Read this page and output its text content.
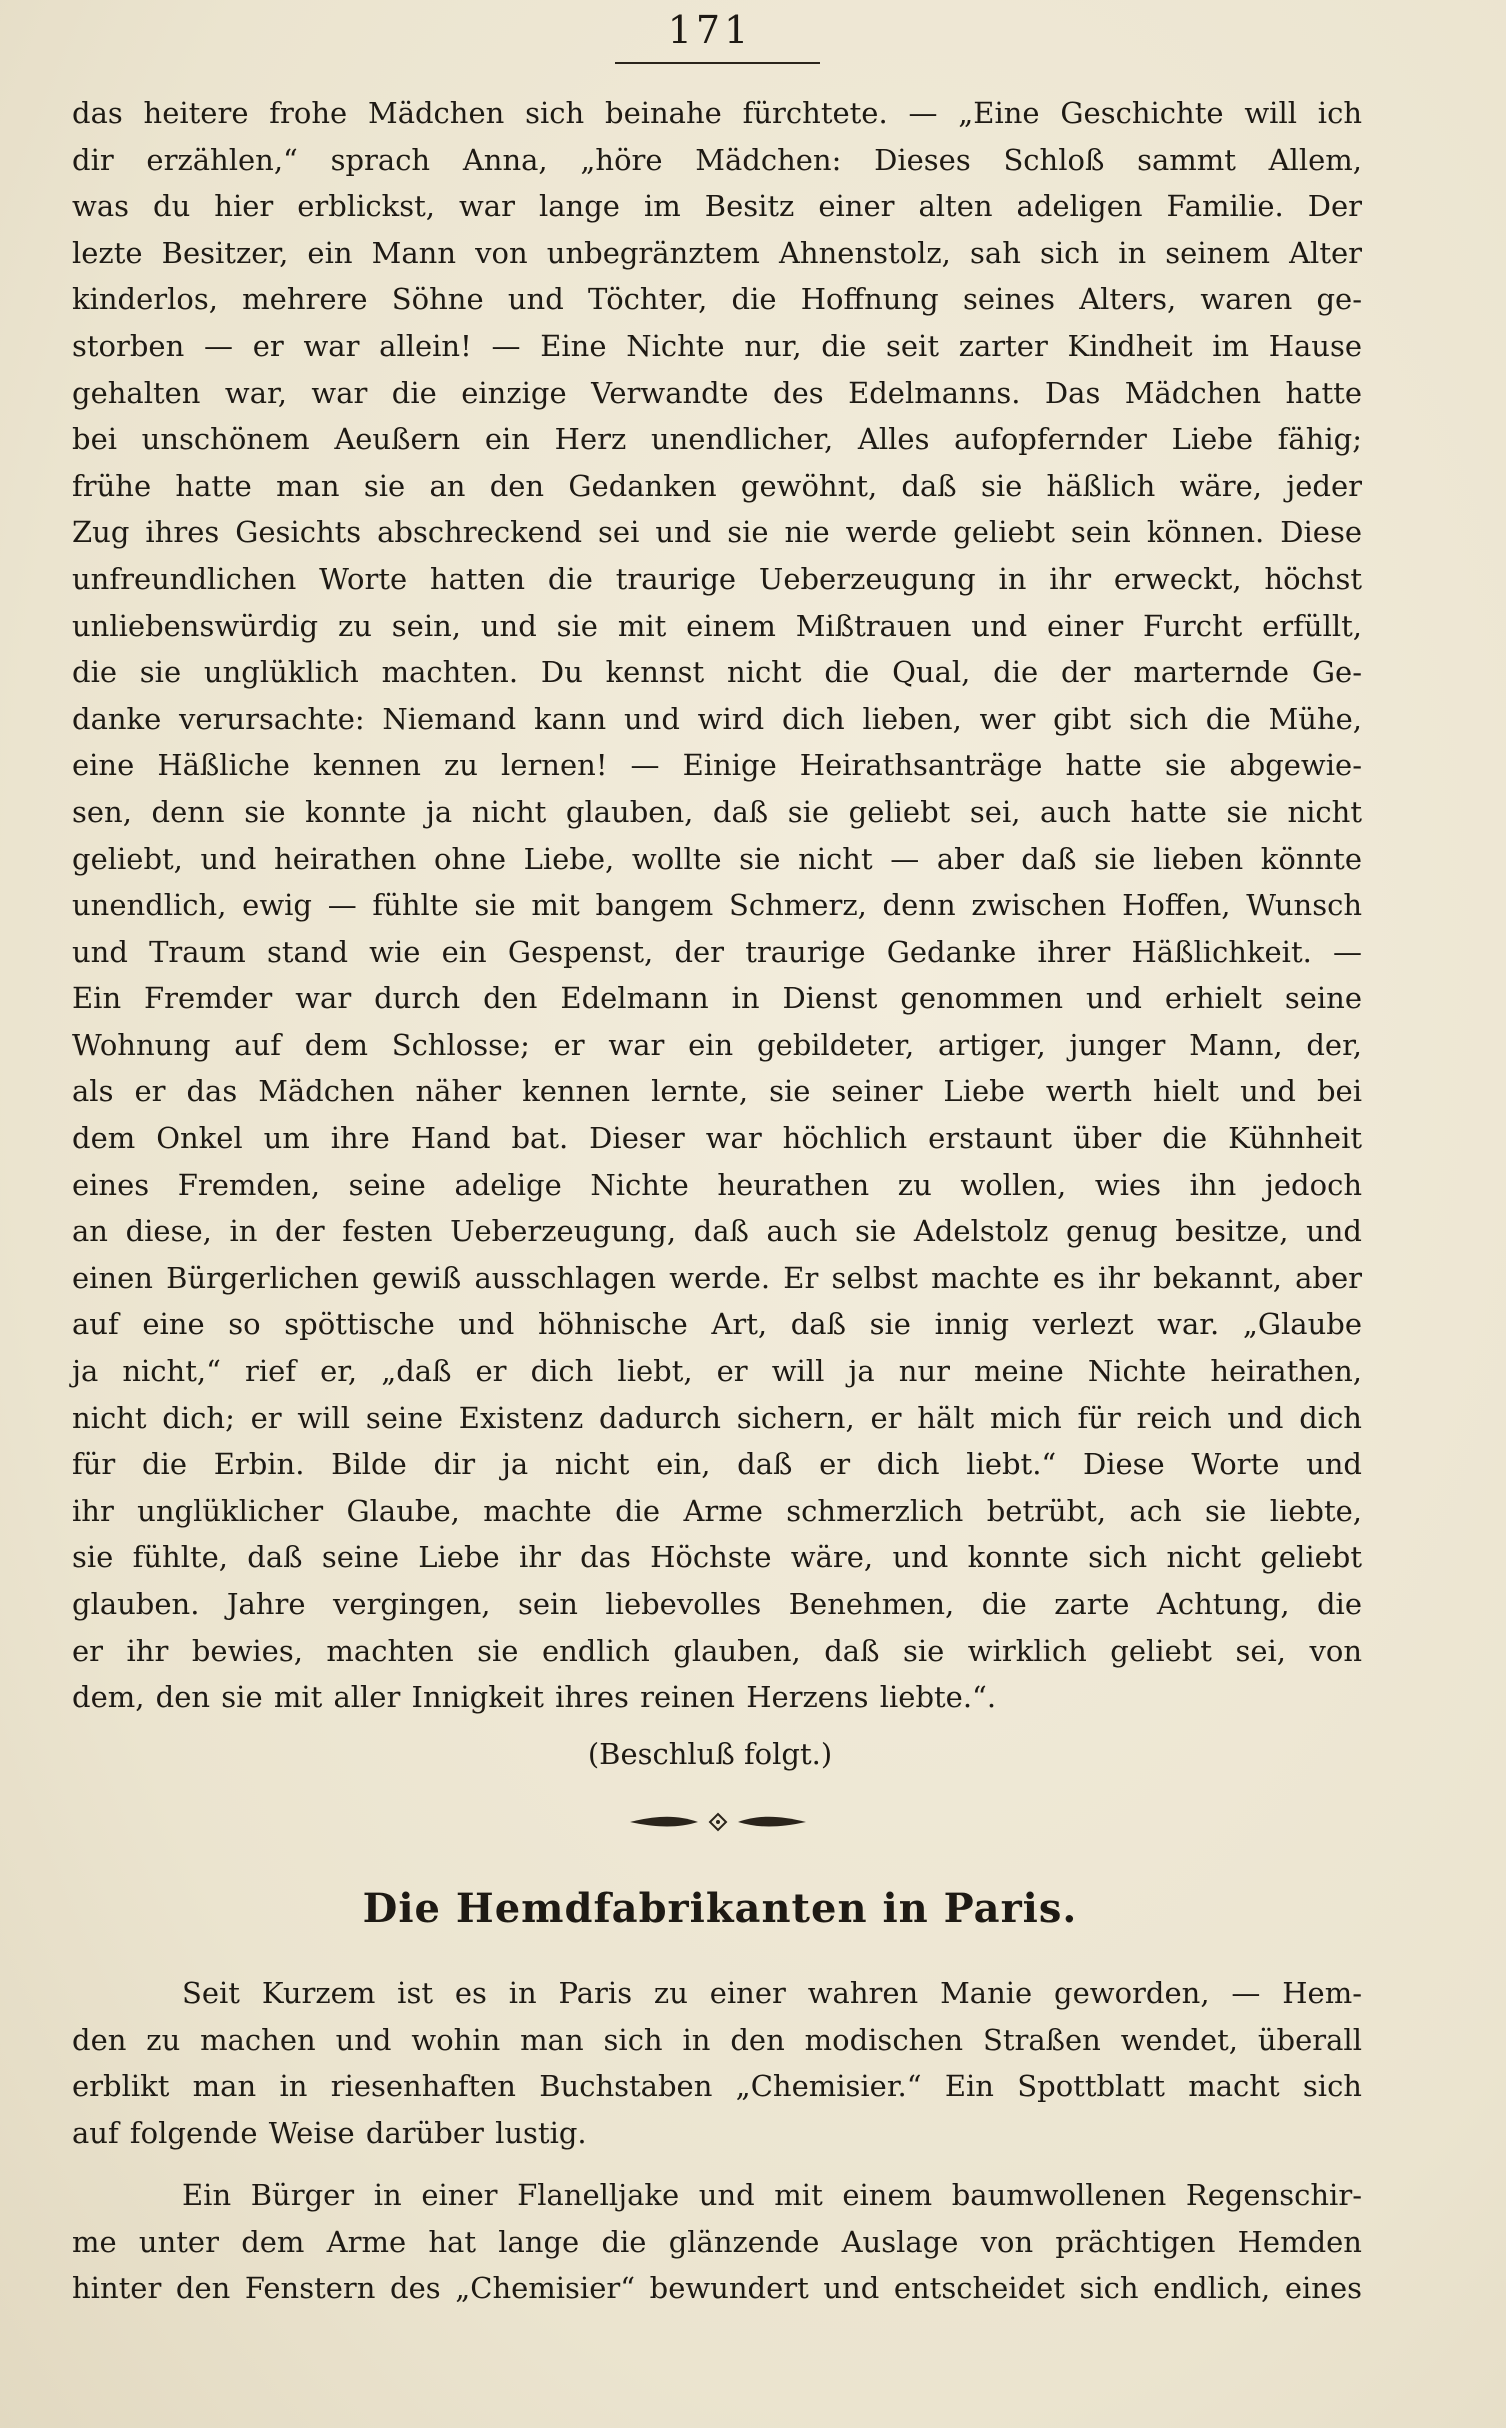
171
das heitere frohe Mädchen sich beinahe fürchtete. — „Eine Geschichte will ich
dir erzählen,“ sprach Anna, „höre Mädchen: Dieses Schloß sammt Allem,
was du hier erblickst, war lange im Besitz einer alten adeligen Familie. Der
lezte Besitzer, ein Mann von unbegränztem Ahnenstolz, sah sich in seinem Alter
kinderlos, mehrere Söhne und Töchter, die Hoffnung seines Alters, waren ge-
storben — er war allein! — Eine Nichte nur, die seit zarter Kindheit im Hause
gehalten war, war die einzige Verwandte des Edelmanns. Das Mädchen hatte
bei unschönem Aeußern ein Herz unendlicher, Alles aufopfernder Liebe fähig;
frühe hatte man sie an den Gedanken gewöhnt, daß sie häßlich wäre, jeder
Zug ihres Gesichts abschreckend sei und sie nie werde geliebt sein können. Diese
unfreundlichen Worte hatten die traurige Ueberzeugung in ihr erweckt, höchst
unliebenswürdig zu sein, und sie mit einem Mißtrauen und einer Furcht erfüllt,
die sie unglüklich machten. Du kennst nicht die Qual, die der marternde Ge-
danke verursachte: Niemand kann und wird dich lieben, wer gibt sich die Mühe,
eine Häßliche kennen zu lernen! — Einige Heirathsanträge hatte sie abgewie-
sen, denn sie konnte ja nicht glauben, daß sie geliebt sei, auch hatte sie nicht
geliebt, und heirathen ohne Liebe, wollte sie nicht — aber daß sie lieben könnte
unendlich, ewig — fühlte sie mit bangem Schmerz, denn zwischen Hoffen, Wunsch
und Traum stand wie ein Gespenst, der traurige Gedanke ihrer Häßlichkeit. —
Ein Fremder war durch den Edelmann in Dienst genommen und erhielt seine
Wohnung auf dem Schlosse; er war ein gebildeter, artiger, junger Mann, der,
als er das Mädchen näher kennen lernte, sie seiner Liebe werth hielt und bei
dem Onkel um ihre Hand bat. Dieser war höchlich erstaunt über die Kühnheit
eines Fremden, seine adelige Nichte heurathen zu wollen, wies ihn jedoch
an diese, in der festen Ueberzeugung, daß auch sie Adelstolz genug besitze, und
einen Bürgerlichen gewiß ausschlagen werde. Er selbst machte es ihr bekannt, aber
auf eine so spöttische und höhnische Art, daß sie innig verlezt war. „Glaube
ja nicht,“ rief er, „daß er dich liebt, er will ja nur meine Nichte heirathen,
nicht dich; er will seine Existenz dadurch sichern, er hält mich für reich und dich
für die Erbin. Bilde dir ja nicht ein, daß er dich liebt.“ Diese Worte und
ihr unglüklicher Glaube, machte die Arme schmerzlich betrübt, ach sie liebte,
sie fühlte, daß seine Liebe ihr das Höchste wäre, und konnte sich nicht geliebt
glauben. Jahre vergingen, sein liebevolles Benehmen, die zarte Achtung, die
er ihr bewies, machten sie endlich glauben, daß sie wirklich geliebt sei, von
dem, den sie mit aller Innigkeit ihres reinen Herzens liebte.“.
(Beschluß folgt.)
Die Hemdfabrikanten in Paris.
Seit Kurzem ist es in Paris zu einer wahren Manie geworden, — Hem-
den zu machen und wohin man sich in den modischen Straßen wendet, überall
erblikt man in riesenhaften Buchstaben „Chemisier.“ Ein Spottblatt macht sich
auf folgende Weise darüber lustig.
Ein Bürger in einer Flanelljake und mit einem baumwollenen Regenschir-
me unter dem Arme hat lange die glänzende Auslage von prächtigen Hemden
hinter den Fenstern des „Chemisier“ bewundert und entscheidet sich endlich, eines
